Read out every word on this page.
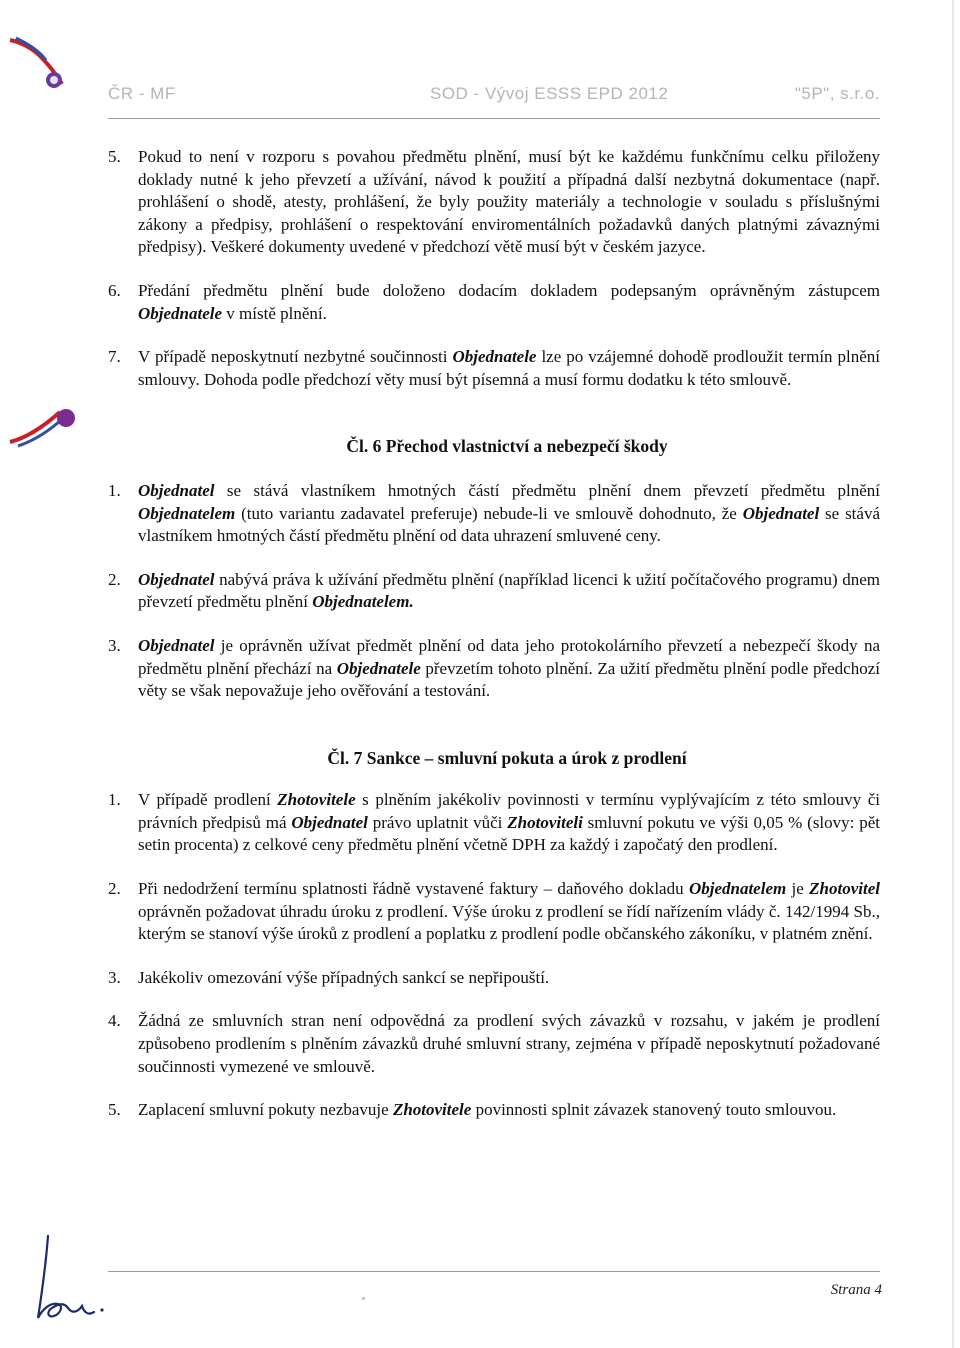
ČR - MF	SOD - Vývoj ESSS EPD 2012	"5P", s.r.o.

5. Pokud to není v rozporu s povahou předmětu plnění, musí být ke každému funkčnímu celku přiloženy doklady nutné k jeho převzetí a užívání, návod k použití a případná další nezbytná dokumentace (např. prohlášení o shodě, atesty, prohlášení, že byly použity materiály a technologie v souladu s příslušnými zákony a předpisy, prohlášení o respektování enviromentálních požadavků daných platnými závaznými předpisy). Veškeré dokumenty uvedené v předchozí větě musí být v českém jazyce.

6. Předání předmětu plnění bude doloženo dodacím dokladem podepsaným oprávněným zástupcem Objednatele v místě plnění.

7. V případě neposkytnutí nezbytné součinnosti Objednatele lze po vzájemné dohodě prodloužit termín plnění smlouvy. Dohoda podle předchozí věty musí být písemná a musí formu dodatku k této smlouvě.

Čl. 6 Přechod vlastnictví a nebezpečí škody

1. Objednatel se stává vlastníkem hmotných částí předmětu plnění dnem převzetí předmětu plnění Objednatelem (tuto variantu zadavatel preferuje) nebude-li ve smlouvě dohodnuto, že Objednatel se stává vlastníkem hmotných částí předmětu plnění od data uhrazení smluvené ceny.

2. Objednatel nabývá práva k užívání předmětu plnění (například licenci k užití počítačového programu) dnem převzetí předmětu plnění Objednatelem.

3. Objednatel je oprávněn užívat předmět plnění od data jeho protokolárního převzetí a nebezpečí škody na předmětu plnění přechází na Objednatele převzetím tohoto plnění. Za užití předmětu plnění podle předchozí věty se však nepovažuje jeho ověřování a testování.

Čl. 7 Sankce – smluvní pokuta a úrok z prodlení

1. V případě prodlení Zhotovitele s plněním jakékoliv povinnosti v termínu vyplývajícím z této smlouvy či právních předpisů má Objednatel právo uplatnit vůči Zhotoviteli smluvní pokutu ve výši 0,05 % (slovy: pět setin procenta) z celkové ceny předmětu plnění včetně DPH za každý i započatý den prodlení.

2. Při nedodržení termínu splatnosti řádně vystavené faktury – daňového dokladu Objednatelem je Zhotovitel oprávněn požadovat úhradu úroku z prodlení. Výše úroku z prodlení se řídí nařízením vlády č. 142/1994 Sb., kterým se stanoví výše úroků z prodlení a poplatku z prodlení podle občanského zákoníku, v platném znění.

3. Jakékoliv omezování výše případných sankcí se nepřipouští.

4. Žádná ze smluvních stran není odpovědná za prodlení svých závazků v rozsahu, v jakém je prodlení způsobeno prodlením s plněním závazků druhé smluvní strany, zejména v případě neposkytnutí požadované součinnosti vymezené ve smlouvě.

5. Zaplacení smluvní pokuty nezbavuje Zhotovitele povinnosti splnit závazek stanovený touto smlouvou.

Strana 4
